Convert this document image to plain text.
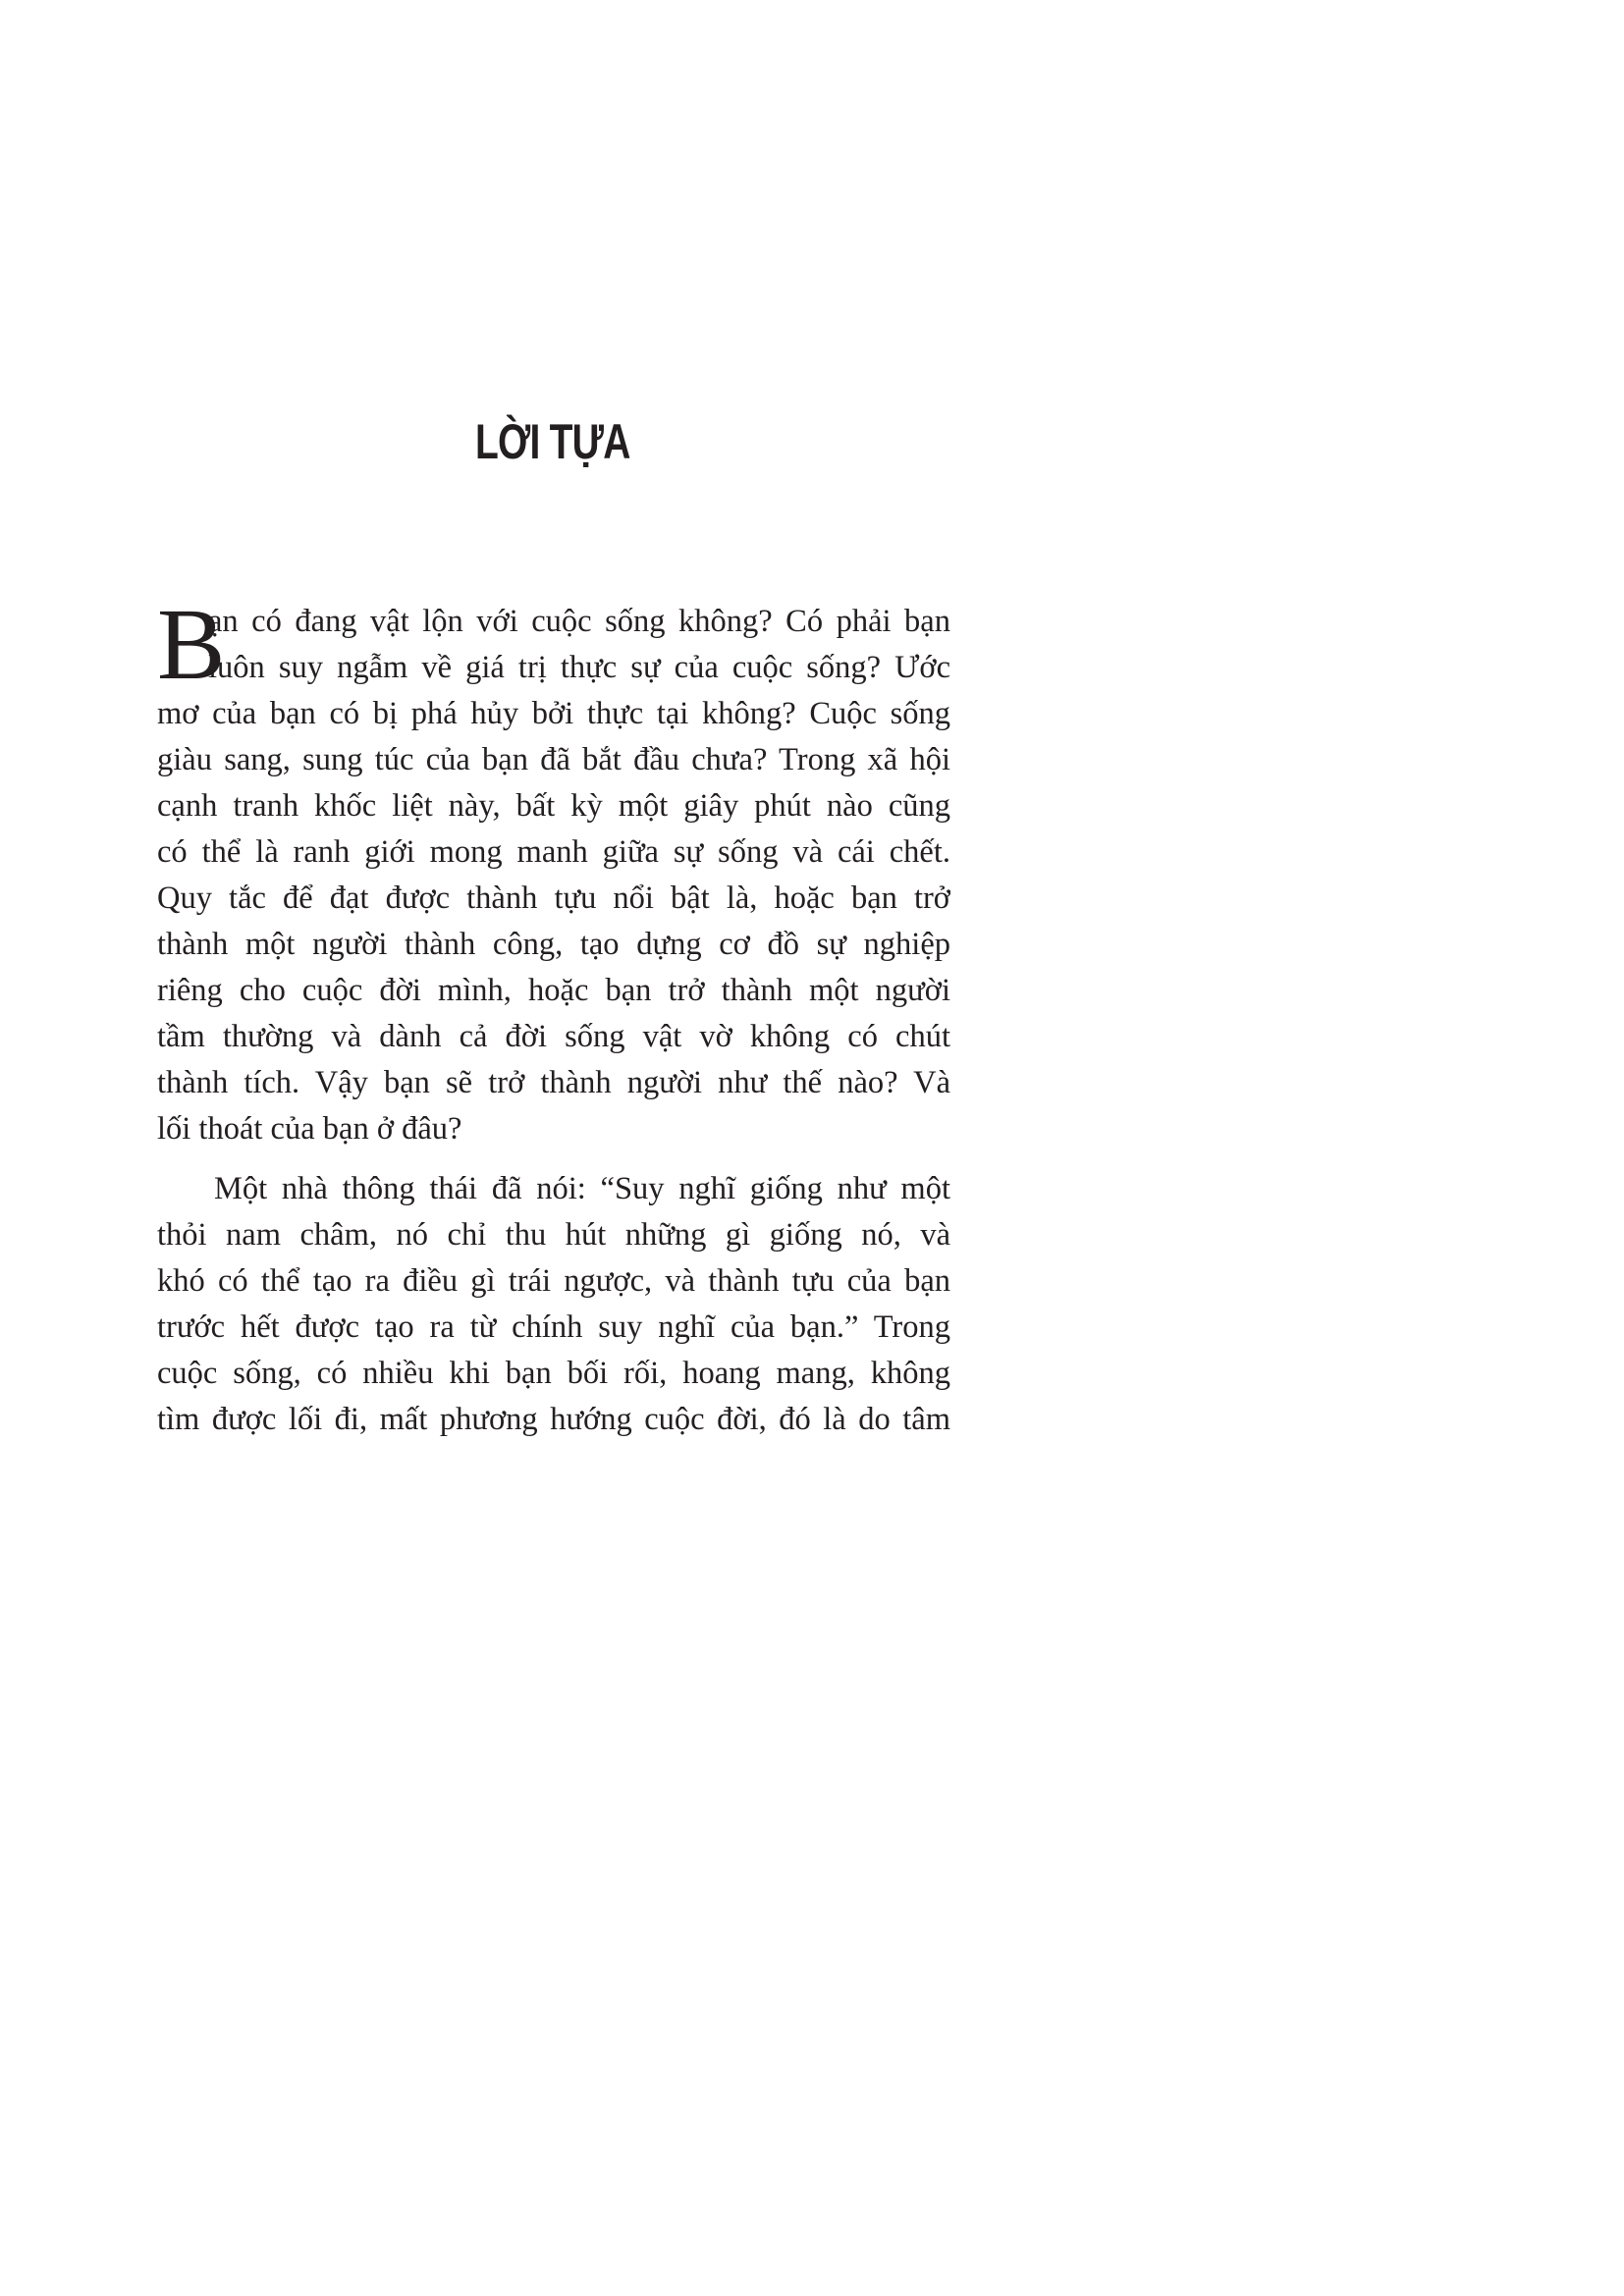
LỜI TỰA
B
ạn có đang vật lộn với cuộc sống không? Có phải bạn
luôn suy ngẫm về giá trị thực sự của cuộc sống? Ước
mơ của bạn có bị phá hủy bởi thực tại không? Cuộc sống
giàu sang, sung túc của bạn đã bắt đầu chưa? Trong xã hội
cạnh tranh khốc liệt này, bất kỳ một giây phút nào cũng
có thể là ranh giới mong manh giữa sự sống và cái chết.
Quy tắc để đạt được thành tựu nổi bật là, hoặc bạn trở
thành một người thành công, tạo dựng cơ đồ sự nghiệp
riêng cho cuộc đời mình, hoặc bạn trở thành một người
tầm thường và dành cả đời sống vật vờ không có chút
thành tích. Vậy bạn sẽ trở thành người như thế nào? Và
lối thoát của bạn ở đâu?
Một nhà thông thái đã nói: “Suy nghĩ giống như một
thỏi nam châm, nó chỉ thu hút những gì giống nó, và
khó có thể tạo ra điều gì trái ngược, và thành tựu của bạn
trước hết được tạo ra từ chính suy nghĩ của bạn.” Trong
cuộc sống, có nhiều khi bạn bối rối, hoang mang, không
tìm được lối đi, mất phương hướng cuộc đời, đó là do tâm
